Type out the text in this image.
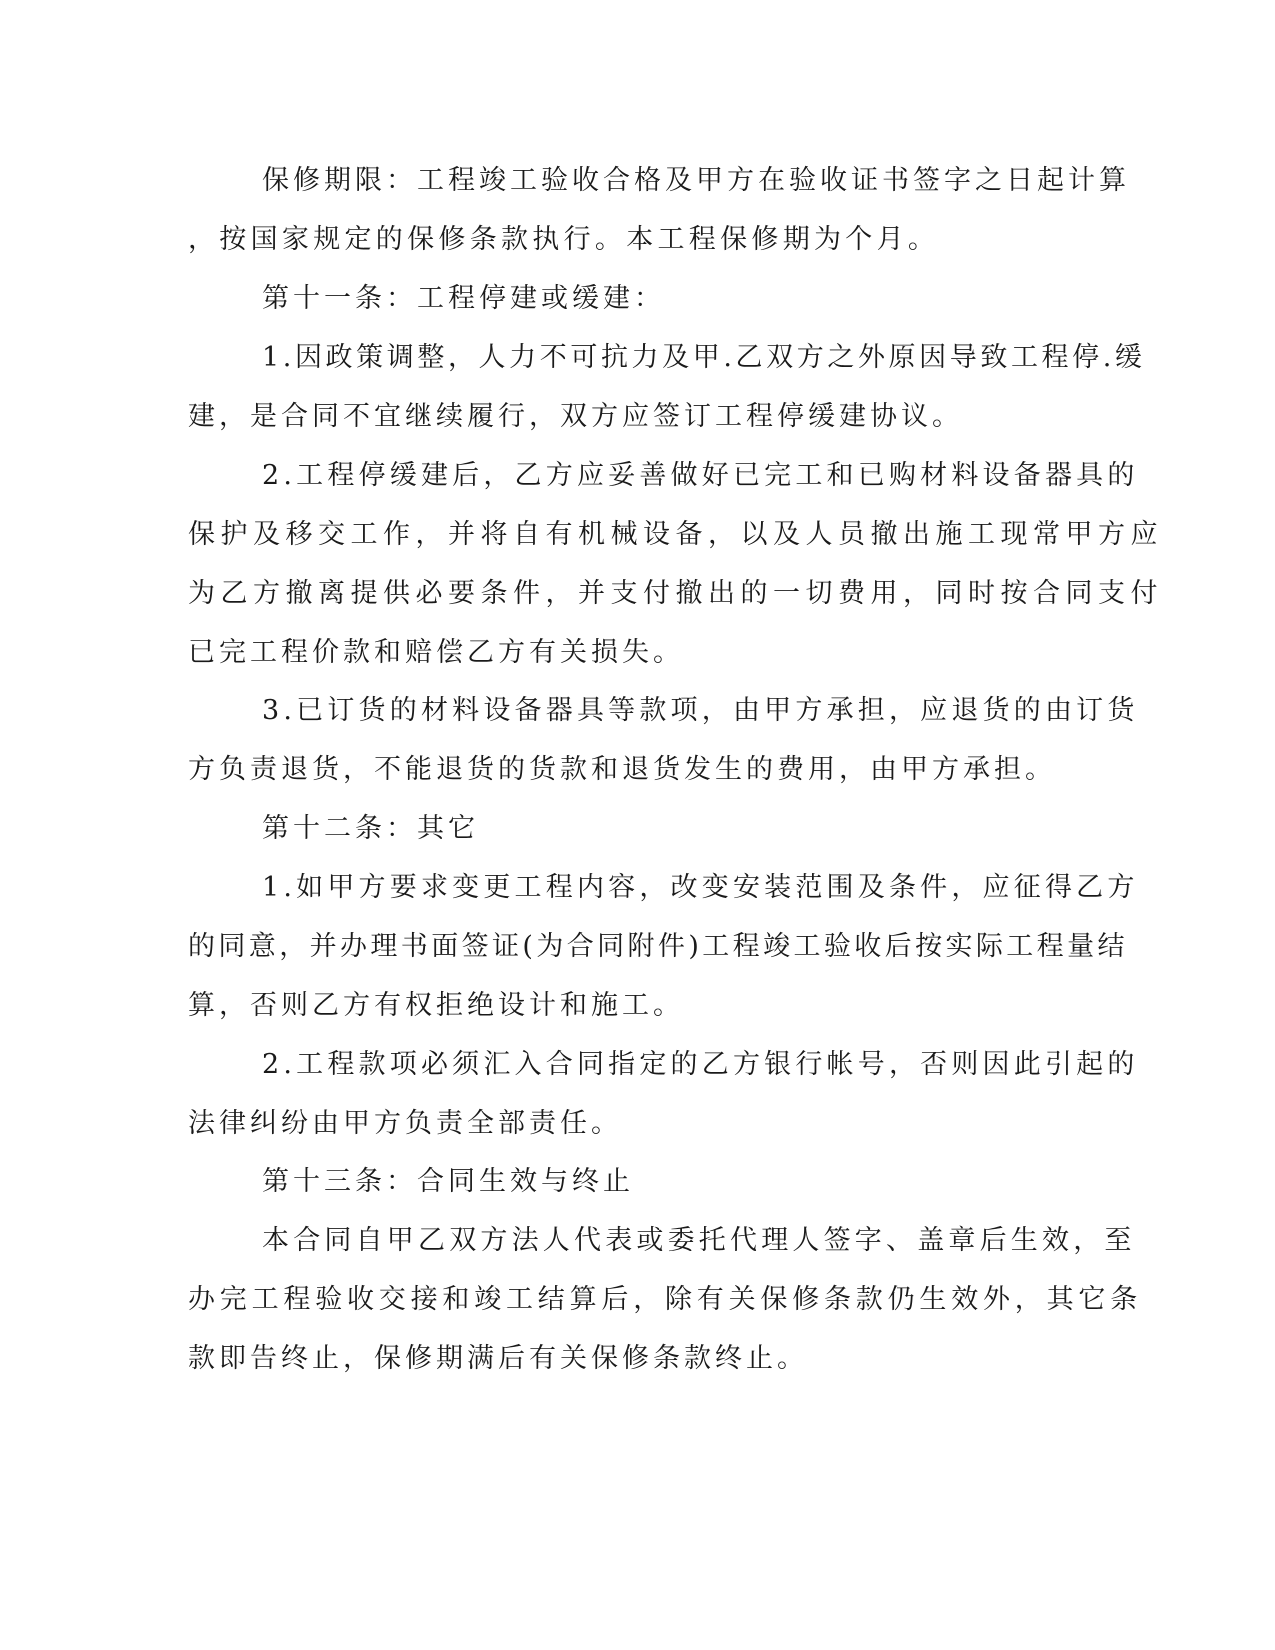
保修期限：工程竣工验收合格及甲方在验收证书签字之日起计算
，按国家规定的保修条款执行。本工程保修期为个月。
第十一条：工程停建或缓建：
1.因政策调整，人力不可抗力及甲.乙双方之外原因导致工程停.缓
建，是合同不宜继续履行，双方应签订工程停缓建协议。
2.工程停缓建后，乙方应妥善做好已完工和已购材料设备器具的
保护及移交工作，并将自有机械设备，以及人员撤出施工现常甲方应
为乙方撤离提供必要条件，并支付撤出的一切费用，同时按合同支付
已完工程价款和赔偿乙方有关损失。
3.已订货的材料设备器具等款项，由甲方承担，应退货的由订货
方负责退货，不能退货的货款和退货发生的费用，由甲方承担。
第十二条：其它
1.如甲方要求变更工程内容，改变安装范围及条件，应征得乙方
的同意，并办理书面签证(为合同附件)工程竣工验收后按实际工程量结
算，否则乙方有权拒绝设计和施工。
2.工程款项必须汇入合同指定的乙方银行帐号，否则因此引起的
法律纠纷由甲方负责全部责任。
第十三条：合同生效与终止
本合同自甲乙双方法人代表或委托代理人签字、盖章后生效，至
办完工程验收交接和竣工结算后，除有关保修条款仍生效外，其它条
款即告终止，保修期满后有关保修条款终止。
